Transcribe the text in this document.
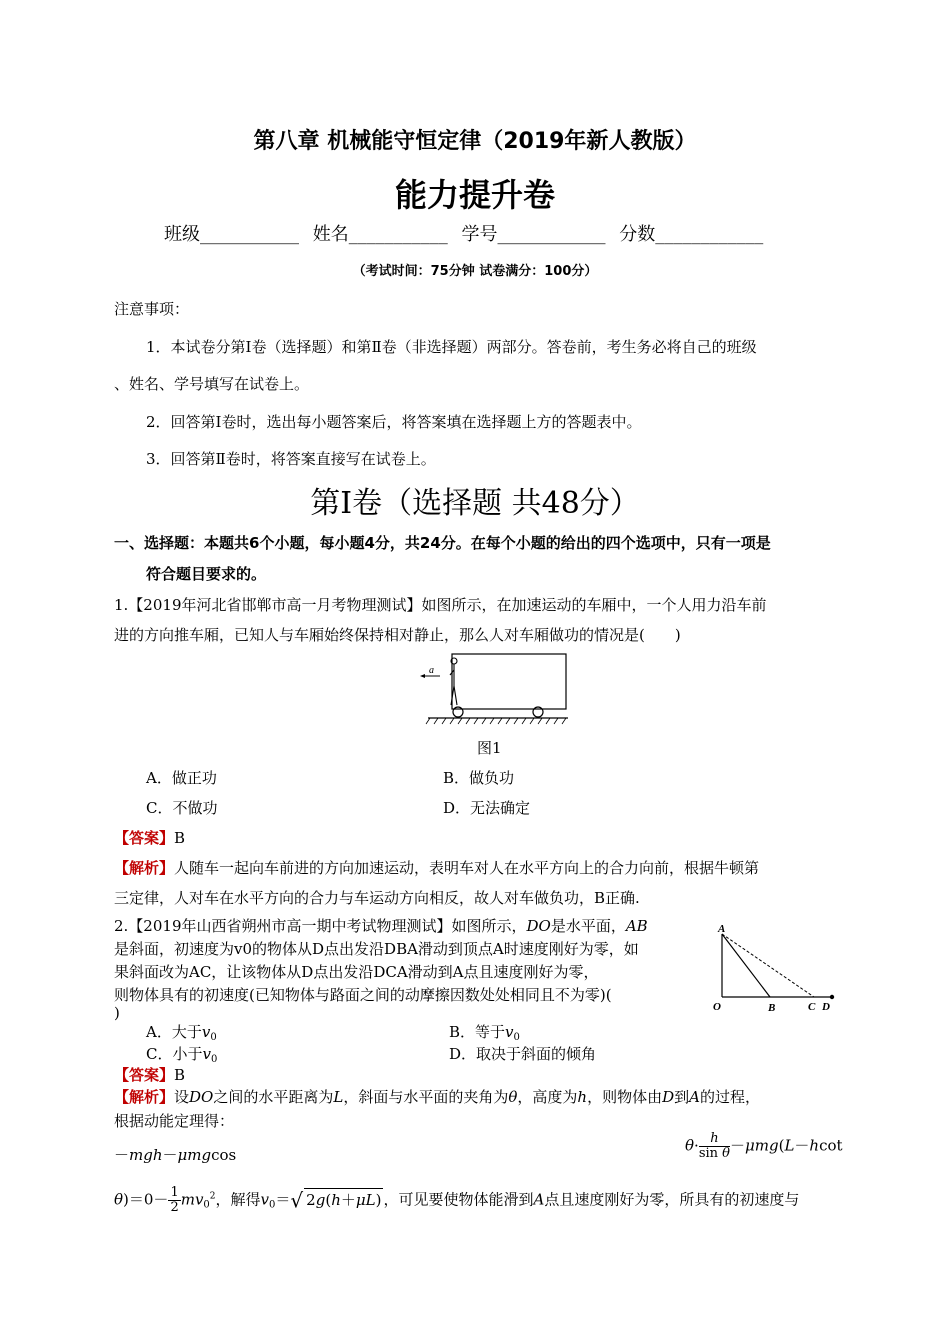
第八章 机械能守恒定律（2019年新人教版）
能力提升卷
班级___________ 姓名___________ 学号____________ 分数____________
（考试时间：75分钟 试卷满分：100分）
注意事项：
1．本试卷分第Ⅰ卷（选择题）和第Ⅱ卷（非选择题）两部分。答卷前，考生务必将自己的班级
、姓名、学号填写在试卷上。
2．回答第Ⅰ卷时，选出每小题答案后，将答案填在选择题上方的答题表中。
3．回答第Ⅱ卷时，将答案直接写在试卷上。
第Ⅰ卷（选择题 共48分）
一、选择题：本题共6个小题，每小题4分，共24分。在每个小题的给出的四个选项中，只有一项是
符合题目要求的。
1.【2019年河北省邯郸市高一月考物理测试】如图所示，在加速运动的车厢中，一个人用力沿车前
进的方向推车厢，已知人与车厢始终保持相对静止，那么人对车厢做功的情况是(　　)
a
图1
A．做正功	B．做负功
C．不做功	D．无法确定
【答案】B
【解析】人随车一起向车前进的方向加速运动，表明车对人在水平方向上的合力向前，根据牛顿第
三定律，人对车在水平方向的合力与车运动方向相反，故人对车做负功，B正确.
2.【2019年山西省朔州市高一期中考试物理测试】如图所示，DO是水平面，AB
是斜面，初速度为v0的物体从D点出发沿DBA滑动到顶点A时速度刚好为零，如
果斜面改为AC，让该物体从D点出发沿DCA滑动到A点且速度刚好为零，
则物体具有的初速度(已知物体与路面之间的动摩擦因数处处相同且不为零)(
)
A
O	B	C D
A．大于$v_0$	B．等于$v_0$
C．小于$v_0$	D．取决于斜面的倾角
【答案】B
【解析】设DO之间的水平距离为L，斜面与水平面的夹角为θ，高度为h，则物体由D到A的过程，
根据动能定理得：
－mgh－μmgcos
$\theta\cdot \frac{h}{\text{sin θ}} -\mu mg(L-hcot$
$\theta)=0- \frac{1}{2} mv_0^2$，解得$v_0=√$ 2g(h＋μL) ，可见要使物体能滑到A点且速度刚好为零，所具有的初速度与
